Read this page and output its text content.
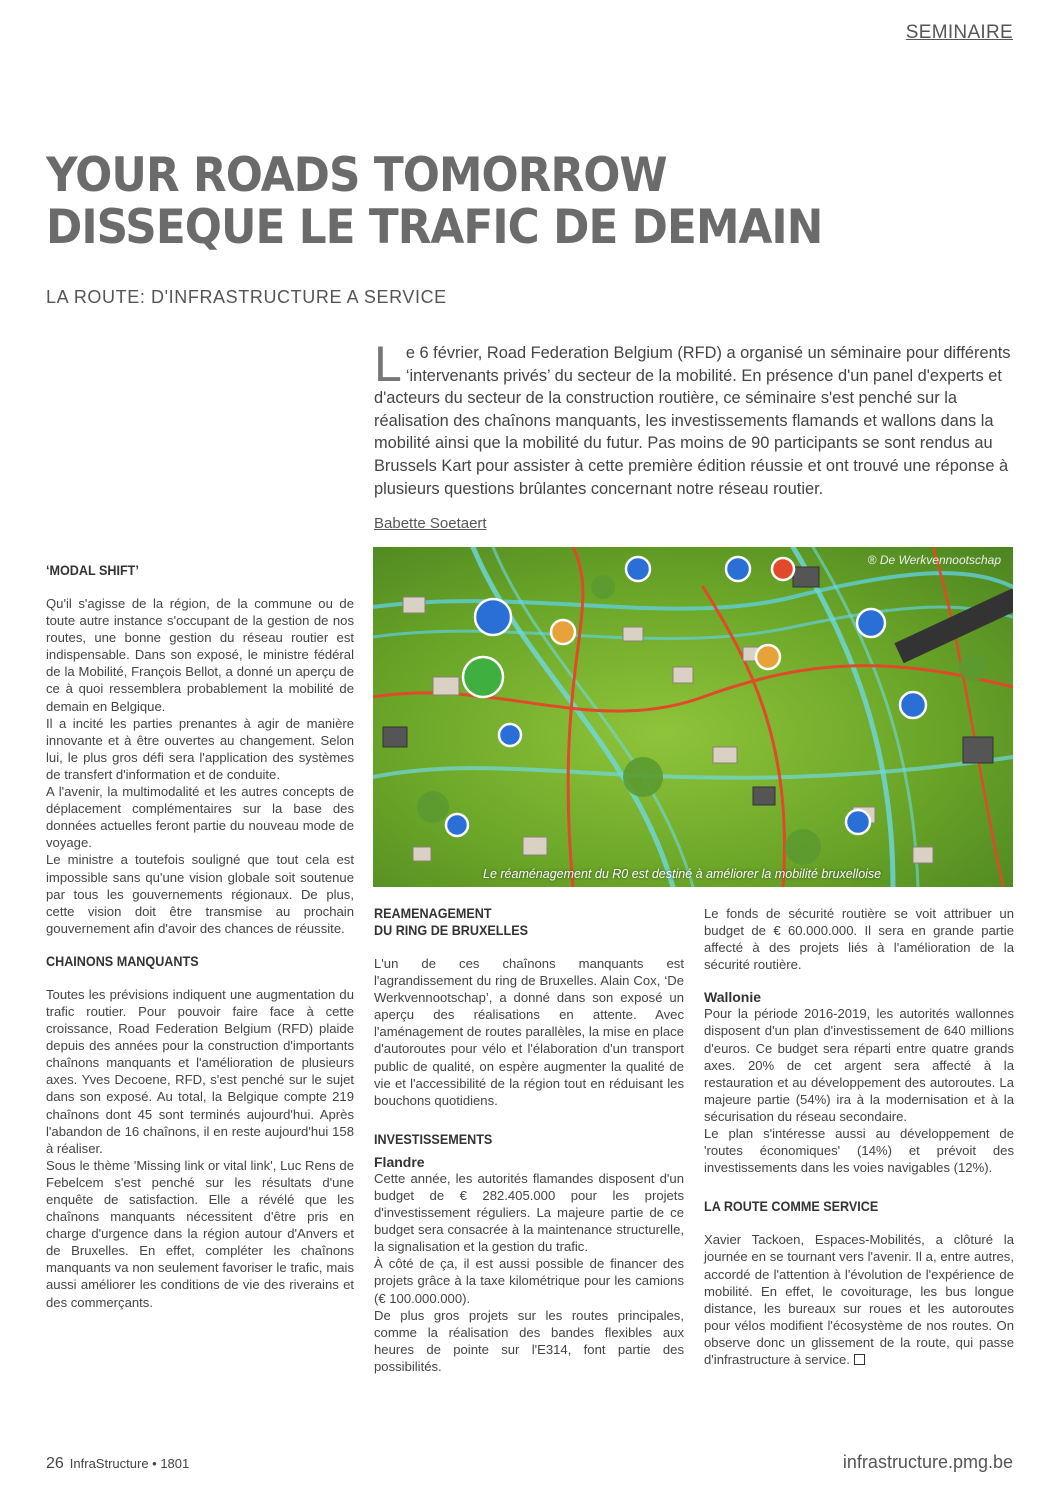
SEMINAIRE
YOUR ROADS TOMORROW
DISSEQUE LE TRAFIC DE DEMAIN
LA ROUTE: D'INFRASTRUCTURE A SERVICE

Le 6 février, Road Federation Belgium (RFD) a organisé un séminaire pour différents ‘intervenants privés’ du secteur de la mobilité. En présence d'un panel d'experts et d'acteurs du secteur de la construction routière, ce séminaire s'est penché sur la réalisation des chaînons manquants, les investissements flamands et wallons dans la mobilité ainsi que la mobilité du futur. Pas moins de 90 participants se sont rendus au Brussels Kart pour assister à cette première édition réussie et ont trouvé une réponse à plusieurs questions brûlantes concernant notre réseau routier.

Babette Soetaert
‘MODAL SHIFT’

Qu'il s'agisse de la région, de la commune ou de toute autre instance s'occupant de la gestion de nos routes, une bonne gestion du réseau routier est indispensable. Dans son exposé, le ministre fédéral de la Mobilité, François Bellot, a donné un aperçu de ce à quoi ressemblera probablement la mobilité de demain en Belgique.

Il a incité les parties prenantes à agir de manière innovante et à être ouvertes au changement. Selon lui, le plus gros défi sera l'application des systèmes de transfert d'information et de conduite.

A l'avenir, la multimodalité et les autres concepts de déplacement complémentaires sur la base des données actuelles feront partie du nouveau mode de voyage.

Le ministre a toutefois souligné que tout cela est impossible sans qu'une vision globale soit soutenue par tous les gouvernements régionaux. De plus, cette vision doit être transmise au prochain gouvernement afin d'avoir des chances de réussite.

CHAINONS MANQUANTS

Toutes les prévisions indiquent une augmentation du trafic routier. Pour pouvoir faire face à cette croissance, Road Federation Belgium (RFD) plaide depuis des années pour la construction d'importants chaînons manquants et l'amélioration de plusieurs axes. Yves Decoene, RFD, s'est penché sur le sujet dans son exposé. Au total, la Belgique compte 219 chaînons dont 45 sont terminés aujourd'hui. Après l'abandon de 16 chaînons, il en reste aujourd'hui 158 à réaliser.

Sous le thème 'Missing link or vital link', Luc Rens de Febelcem s'est penché sur les résultats d'une enquête de satisfaction. Elle a révélé que les chaînons manquants nécessitent d'être pris en charge d'urgence dans la région autour d'Anvers et de Bruxelles. En effet, compléter les chaînons manquants va non seulement favoriser le trafic, mais aussi améliorer les conditions de vie des riverains et des commerçants.

® De Werkvennootschap
Le réaménagement du R0 est destiné à améliorer la mobilité bruxelloise
REAMENAGEMENT
DU RING DE BRUXELLES

L'un de ces chaînons manquants est l'agrandissement du ring de Bruxelles. Alain Cox, ‘De Werkvennootschap’, a donné dans son exposé un aperçu des réalisations en attente. Avec l'aménagement de routes parallèles, la mise en place d'autoroutes pour vélo et l'élaboration d'un transport public de qualité, on espère augmenter la qualité de vie et l'accessibilité de la région tout en réduisant les bouchons quotidiens.

INVESTISSEMENTS
Flandre

Cette année, les autorités flamandes disposent d'un budget de € 282.405.000 pour les projets d'investissement réguliers. La majeure partie de ce budget sera consacrée à la maintenance structurelle, la signalisation et la gestion du trafic.

À côté de ça, il est aussi possible de financer des projets grâce à la taxe kilométrique pour les camions (€ 100.000.000).

De plus gros projets sur les routes principales, comme la réalisation des bandes flexibles aux heures de pointe sur l'E314, font partie des possibilités.

Le fonds de sécurité routière se voit attribuer un budget de € 60.000.000. Il sera en grande partie affecté à des projets liés à l'amélioration de la sécurité routière.

Wallonie

Pour la période 2016-2019, les autorités wallonnes disposent d'un plan d'investissement de 640 millions d'euros. Ce budget sera réparti entre quatre grands axes. 20% de cet argent sera affecté à la restauration et au développement des autoroutes. La majeure partie (54%) ira à la modernisation et à la sécurisation du réseau secondaire.

Le plan s'intéresse aussi au développement de 'routes économiques' (14%) et prévoit des investissements dans les voies navigables (12%).

LA ROUTE COMME SERVICE

Xavier Tackoen, Espaces-Mobilités, a clôturé la journée en se tournant vers l'avenir. Il a, entre autres, accordé de l'attention à l'évolution de l'expérience de mobilité. En effet, le covoiturage, les bus longue distance, les bureaux sur roues et les autoroutes pour vélos modifient l'écosystème de nos routes. On observe donc un glissement de la route, qui passe d'infrastructure à service.

26 InfraStructure • 1801	infrastructure.pmg.be
